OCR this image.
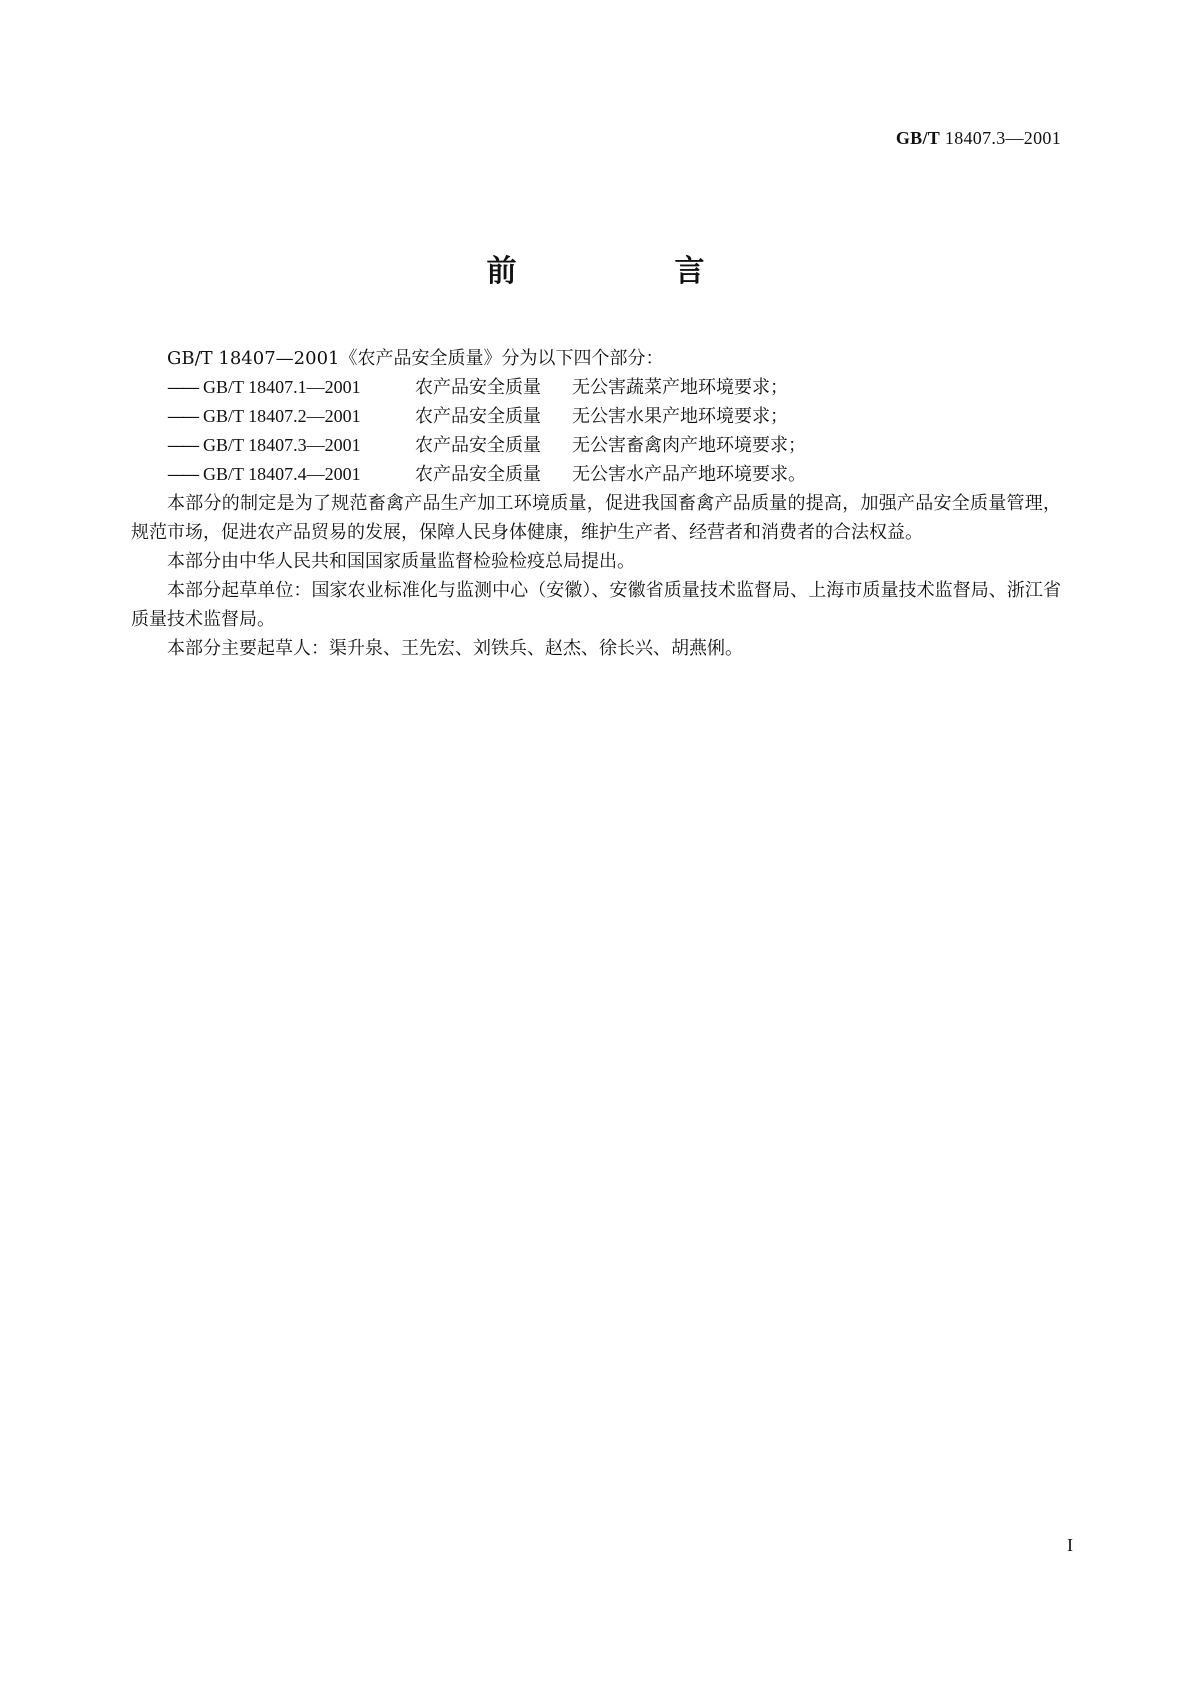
GB/T 18407.3—2001
前　言

GB/T 18407—2001《农产品安全质量》分为以下四个部分：

—— GB/T 18407.1—2001	农产品安全质量 无公害蔬菜产地环境要求；

—— GB/T 18407.2—2001	农产品安全质量 无公害水果产地环境要求；

—— GB/T 18407.3—2001	农产品安全质量 无公害畜禽肉产地环境要求；

—— GB/T 18407.4—2001	农产品安全质量 无公害水产品产地环境要求。

本部分的制定是为了规范畜禽产品生产加工环境质量，促进我国畜禽产品质量的提高，加强产品安全质量管理，规范市场，促进农产品贸易的发展，保障人民身体健康，维护生产者、经营者和消费者的合法权益。

本部分由中华人民共和国国家质量监督检验检疫总局提出。

本部分起草单位：国家农业标准化与监测中心（安徽）、安徽省质量技术监督局、上海市质量技术监督局、浙江省质量技术监督局。

本部分主要起草人：渠升泉、王先宏、刘铁兵、赵杰、徐长兴、胡燕俐。

I
